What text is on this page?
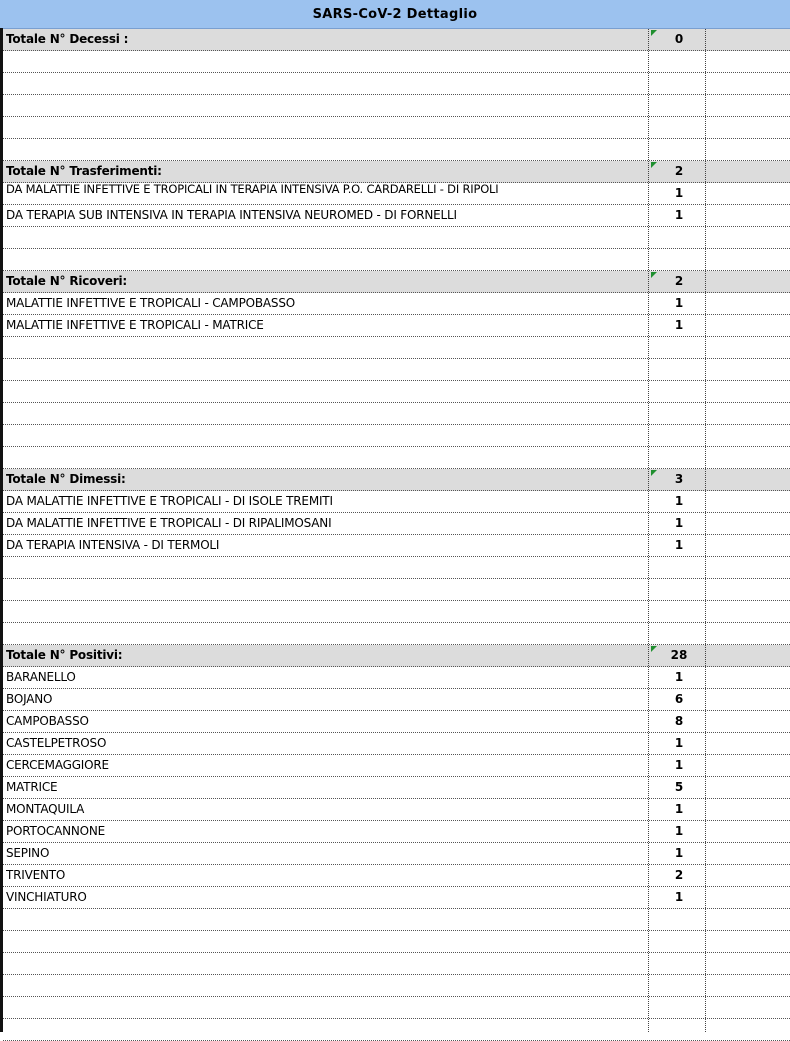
SARS-CoV-2 Dettaglio
Totale N° Decessi :	0
Totale N° Trasferimenti:	2
DA MALATTIE INFETTIVE E TROPICALI IN TERAPIA INTENSIVA P.O. CARDARELLI - DI RIPOLI	1
DA TERAPIA SUB INTENSIVA IN TERAPIA INTENSIVA NEUROMED - DI FORNELLI	1
Totale N° Ricoveri:	2
MALATTIE INFETTIVE E TROPICALI - CAMPOBASSO	1
MALATTIE INFETTIVE E TROPICALI - MATRICE	1
Totale N° Dimessi:	3
DA MALATTIE INFETTIVE E TROPICALI - DI ISOLE TREMITI	1
DA MALATTIE INFETTIVE E TROPICALI - DI RIPALIMOSANI	1
DA TERAPIA INTENSIVA - DI TERMOLI	1
Totale N° Positivi:	28
BARANELLO	1
BOJANO	6
CAMPOBASSO	8
CASTELPETROSO	1
CERCEMAGGIORE	1
MATRICE	5
MONTAQUILA	1
PORTOCANNONE	1
SEPINO	1
TRIVENTO	2
VINCHIATURO	1
